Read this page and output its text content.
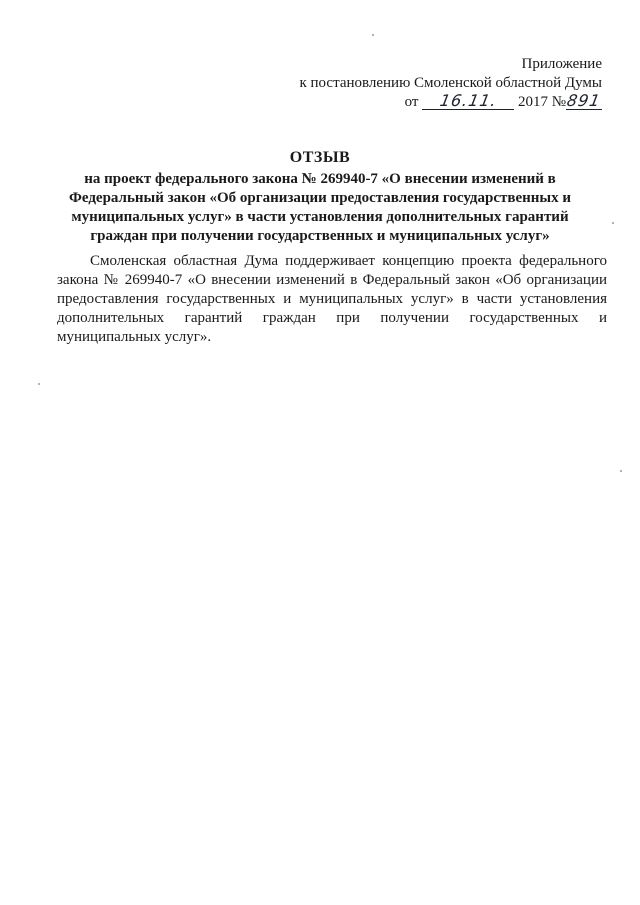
Приложение
к постановлению Смоленской областной Думы
от 16.11. 2017 №891
ОТЗЫВ
на проект федерального закона № 269940-7 «О внесении изменений в Федеральный закон «Об организации предоставления государственных и муниципальных услуг» в части установления дополнительных гарантий граждан при получении государственных и муниципальных услуг»
Смоленская областная Дума поддерживает концепцию проекта федерального закона № 269940-7 «О внесении изменений в Федеральный закон «Об организации предоставления государственных и муниципальных услуг» в части установления дополнительных гарантий граждан при получении государственных и муниципальных услуг».
